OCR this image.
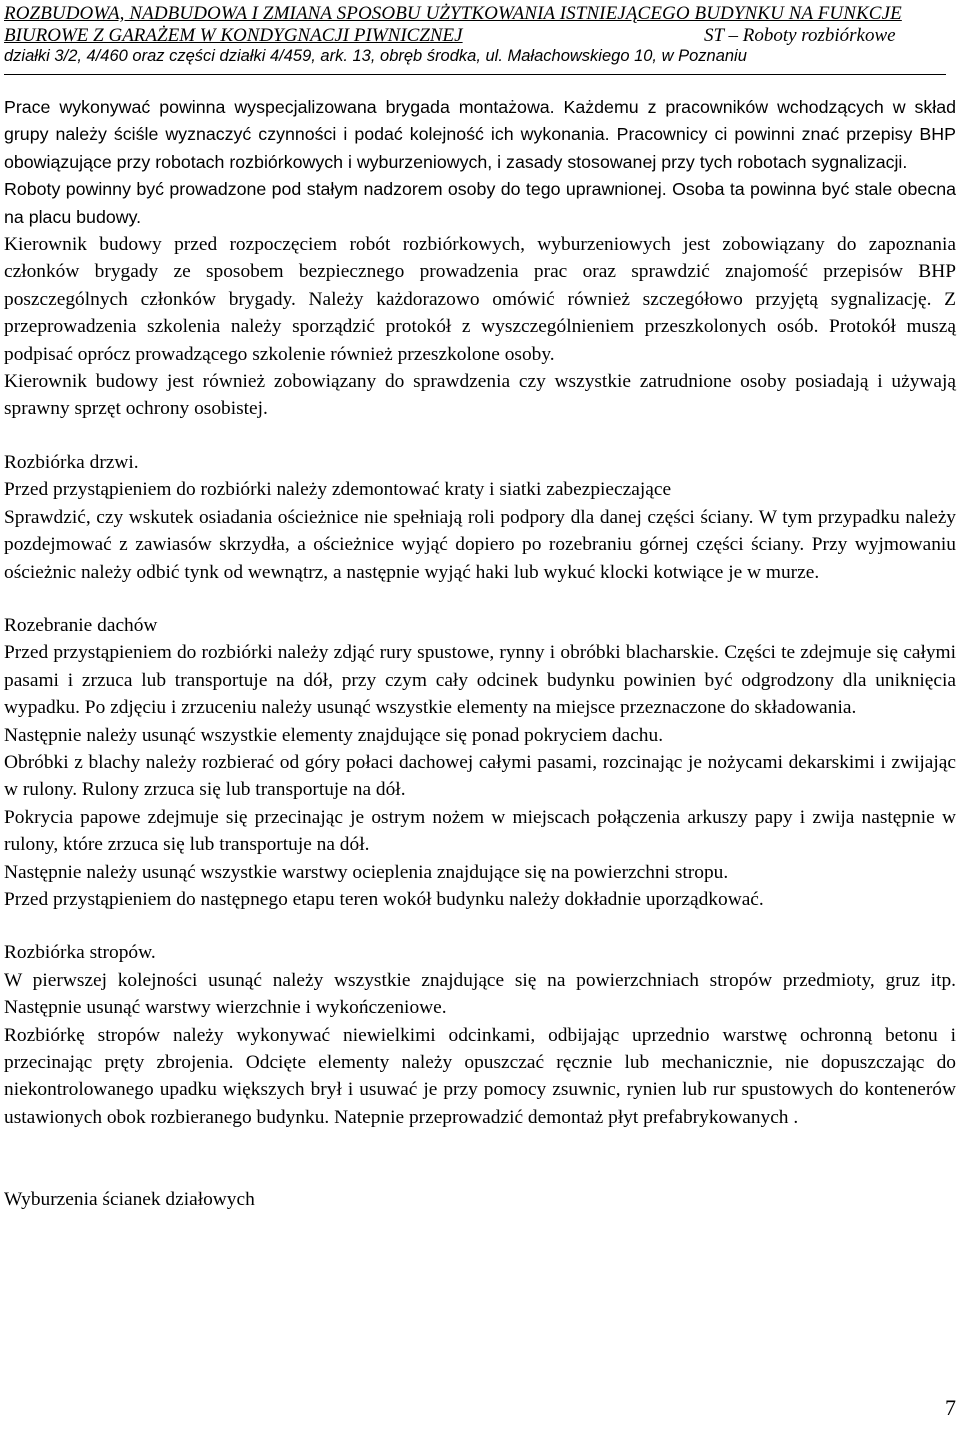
ROZBUDOWA, NADBUDOWA I ZMIANA SPOSOBU UŻYTKOWANIA ISTNIEJĄCEGO BUDYNKU NA FUNKCJE
BIUROWE Z GARAŻEM W KONDYGNACJI PIWNICZNEJ	ST – Roboty rozbiórkowe
działki 3/2, 4/460 oraz części działki 4/459, ark. 13, obręb środka, ul. Małachowskiego 10, w Poznaniu

Prace wykonywać powinna wyspecjalizowana brygada montażowa. Każdemu z pracowników wchodzących w skład grupy należy ściśle wyznaczyć czynności i podać kolejność ich wykonania. Pracownicy ci powinni znać przepisy BHP obowiązujące przy robotach rozbiórkowych i wyburzeniowych, i zasady stosowanej przy tych robotach sygnalizacji.

Roboty powinny być prowadzone pod stałym nadzorem osoby do tego uprawnionej. Osoba ta powinna być stale obecna na placu budowy.

Kierownik budowy przed rozpoczęciem robót rozbiórkowych, wyburzeniowych jest zobowiązany do zapoznania członków brygady ze sposobem bezpiecznego prowadzenia prac oraz sprawdzić znajomość przepisów BHP poszczególnych członków brygady. Należy każdorazowo omówić również szczegółowo przyjętą sygnalizację. Z przeprowadzenia szkolenia należy sporządzić protokół z wyszczególnieniem przeszkolonych osób. Protokół muszą podpisać oprócz prowadzącego szkolenie również przeszkolone osoby.

Kierownik budowy jest również zobowiązany do sprawdzenia czy wszystkie zatrudnione osoby posiadają i używają sprawny sprzęt ochrony osobistej.

Rozbiórka drzwi.

Przed przystąpieniem do rozbiórki należy zdemontować kraty i siatki zabezpieczające

Sprawdzić, czy wskutek osiadania ościeżnice nie spełniają roli podpory dla danej części ściany. W tym przypadku należy pozdejmować z zawiasów skrzydła, a ościeżnice wyjąć dopiero po rozebraniu górnej części ściany. Przy wyjmowaniu ościeżnic należy odbić tynk od wewnątrz, a następnie wyjąć haki lub wykuć klocki kotwiące je w murze.

Rozebranie dachów

Przed przystąpieniem do rozbiórki należy zdjąć rury spustowe, rynny i obróbki blacharskie. Części te zdejmuje się całymi pasami i zrzuca lub transportuje na dół, przy czym cały odcinek budynku powinien być odgrodzony dla uniknięcia wypadku. Po zdjęciu i zrzuceniu należy usunąć wszystkie elementy na miejsce przeznaczone do składowania.

Następnie należy usunąć wszystkie elementy znajdujące się ponad pokryciem dachu.

Obróbki z blachy należy rozbierać od góry połaci dachowej całymi pasami, rozcinając je nożycami dekarskimi i zwijając w rulony. Rulony zrzuca się lub transportuje na dół.

Pokrycia papowe zdejmuje się przecinając je ostrym nożem w miejscach połączenia arkuszy papy i zwija następnie w rulony, które zrzuca się lub transportuje na dół.

Następnie należy usunąć wszystkie warstwy ocieplenia znajdujące się na powierzchni stropu.

Przed przystąpieniem do następnego etapu teren wokół budynku należy dokładnie uporządkować.

Rozbiórka stropów.

W pierwszej kolejności usunąć należy wszystkie znajdujące się na powierzchniach stropów przedmioty, gruz itp. Następnie usunąć warstwy wierzchnie i wykończeniowe.

Rozbiórkę stropów należy wykonywać niewielkimi odcinkami, odbijając uprzednio warstwę ochronną betonu i przecinając pręty zbrojenia. Odcięte elementy należy opuszczać ręcznie lub mechanicznie, nie dopuszczając do niekontrolowanego upadku większych brył i usuwać je przy pomocy zsuwnic, rynien lub rur spustowych do kontenerów ustawionych obok rozbieranego budynku. Natepnie przeprowadzić demontaż płyt prefabrykowanych .

Wyburzenia ścianek działowych

7
